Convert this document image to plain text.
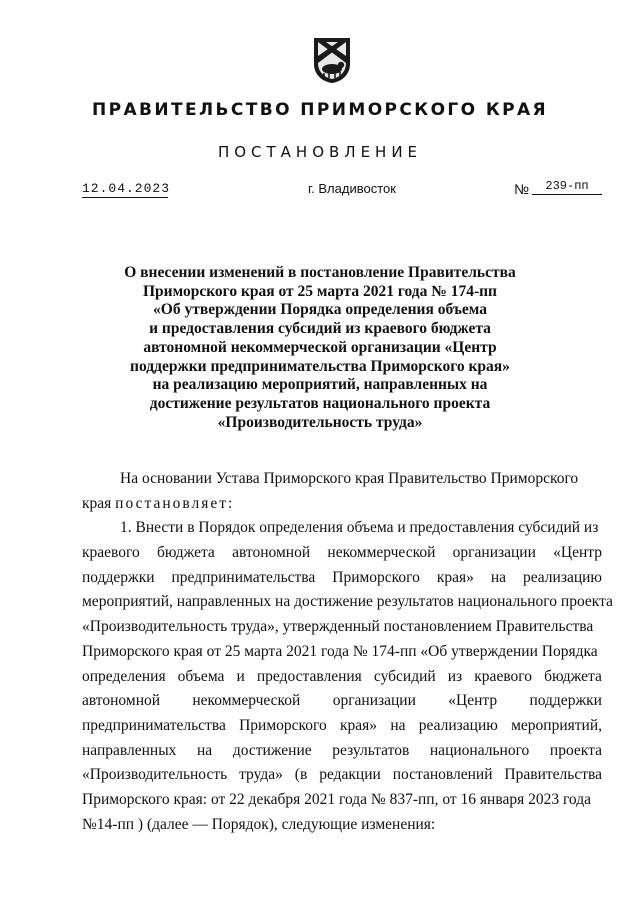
ПРАВИТЕЛЬСТВО ПРИМОРСКОГО КРАЯ
ПОСТАНОВЛЕНИЕ
12.04.2023	г. Владивосток	№	239-пп
О внесении изменений в постановление Правительства
Приморского края от 25 марта 2021 года № 174-пп
«Об утверждении Порядка определения объема
и предоставления субсидий из краевого бюджета
автономной некоммерческой организации «Центр
поддержки предпринимательства Приморского края»
на реализацию мероприятий, направленных на
достижение результатов национального проекта
«Производительность труда»
На основании Устава Приморского края Правительство Приморского
края постановляет:
1. Внести в Порядок определения объема и предоставления субсидий из
краевого бюджета автономной некоммерческой организации «Центр
поддержки предпринимательства Приморского края» на реализацию
мероприятий, направленных на достижение результатов национального проекта
«Производительность труда», утвержденный постановлением Правительства
Приморского края от 25 марта 2021 года № 174-пп «Об утверждении Порядка
определения объема и предоставления субсидий из краевого бюджета
автономной некоммерческой организации «Центр поддержки
предпринимательства Приморского края» на реализацию мероприятий,
направленных на достижение результатов национального проекта
«Производительность труда» (в редакции постановлений Правительства
Приморского края: от 22 декабря 2021 года № 837-пп, от 16 января 2023 года
№14-пп ) (далее — Порядок), следующие изменения:
